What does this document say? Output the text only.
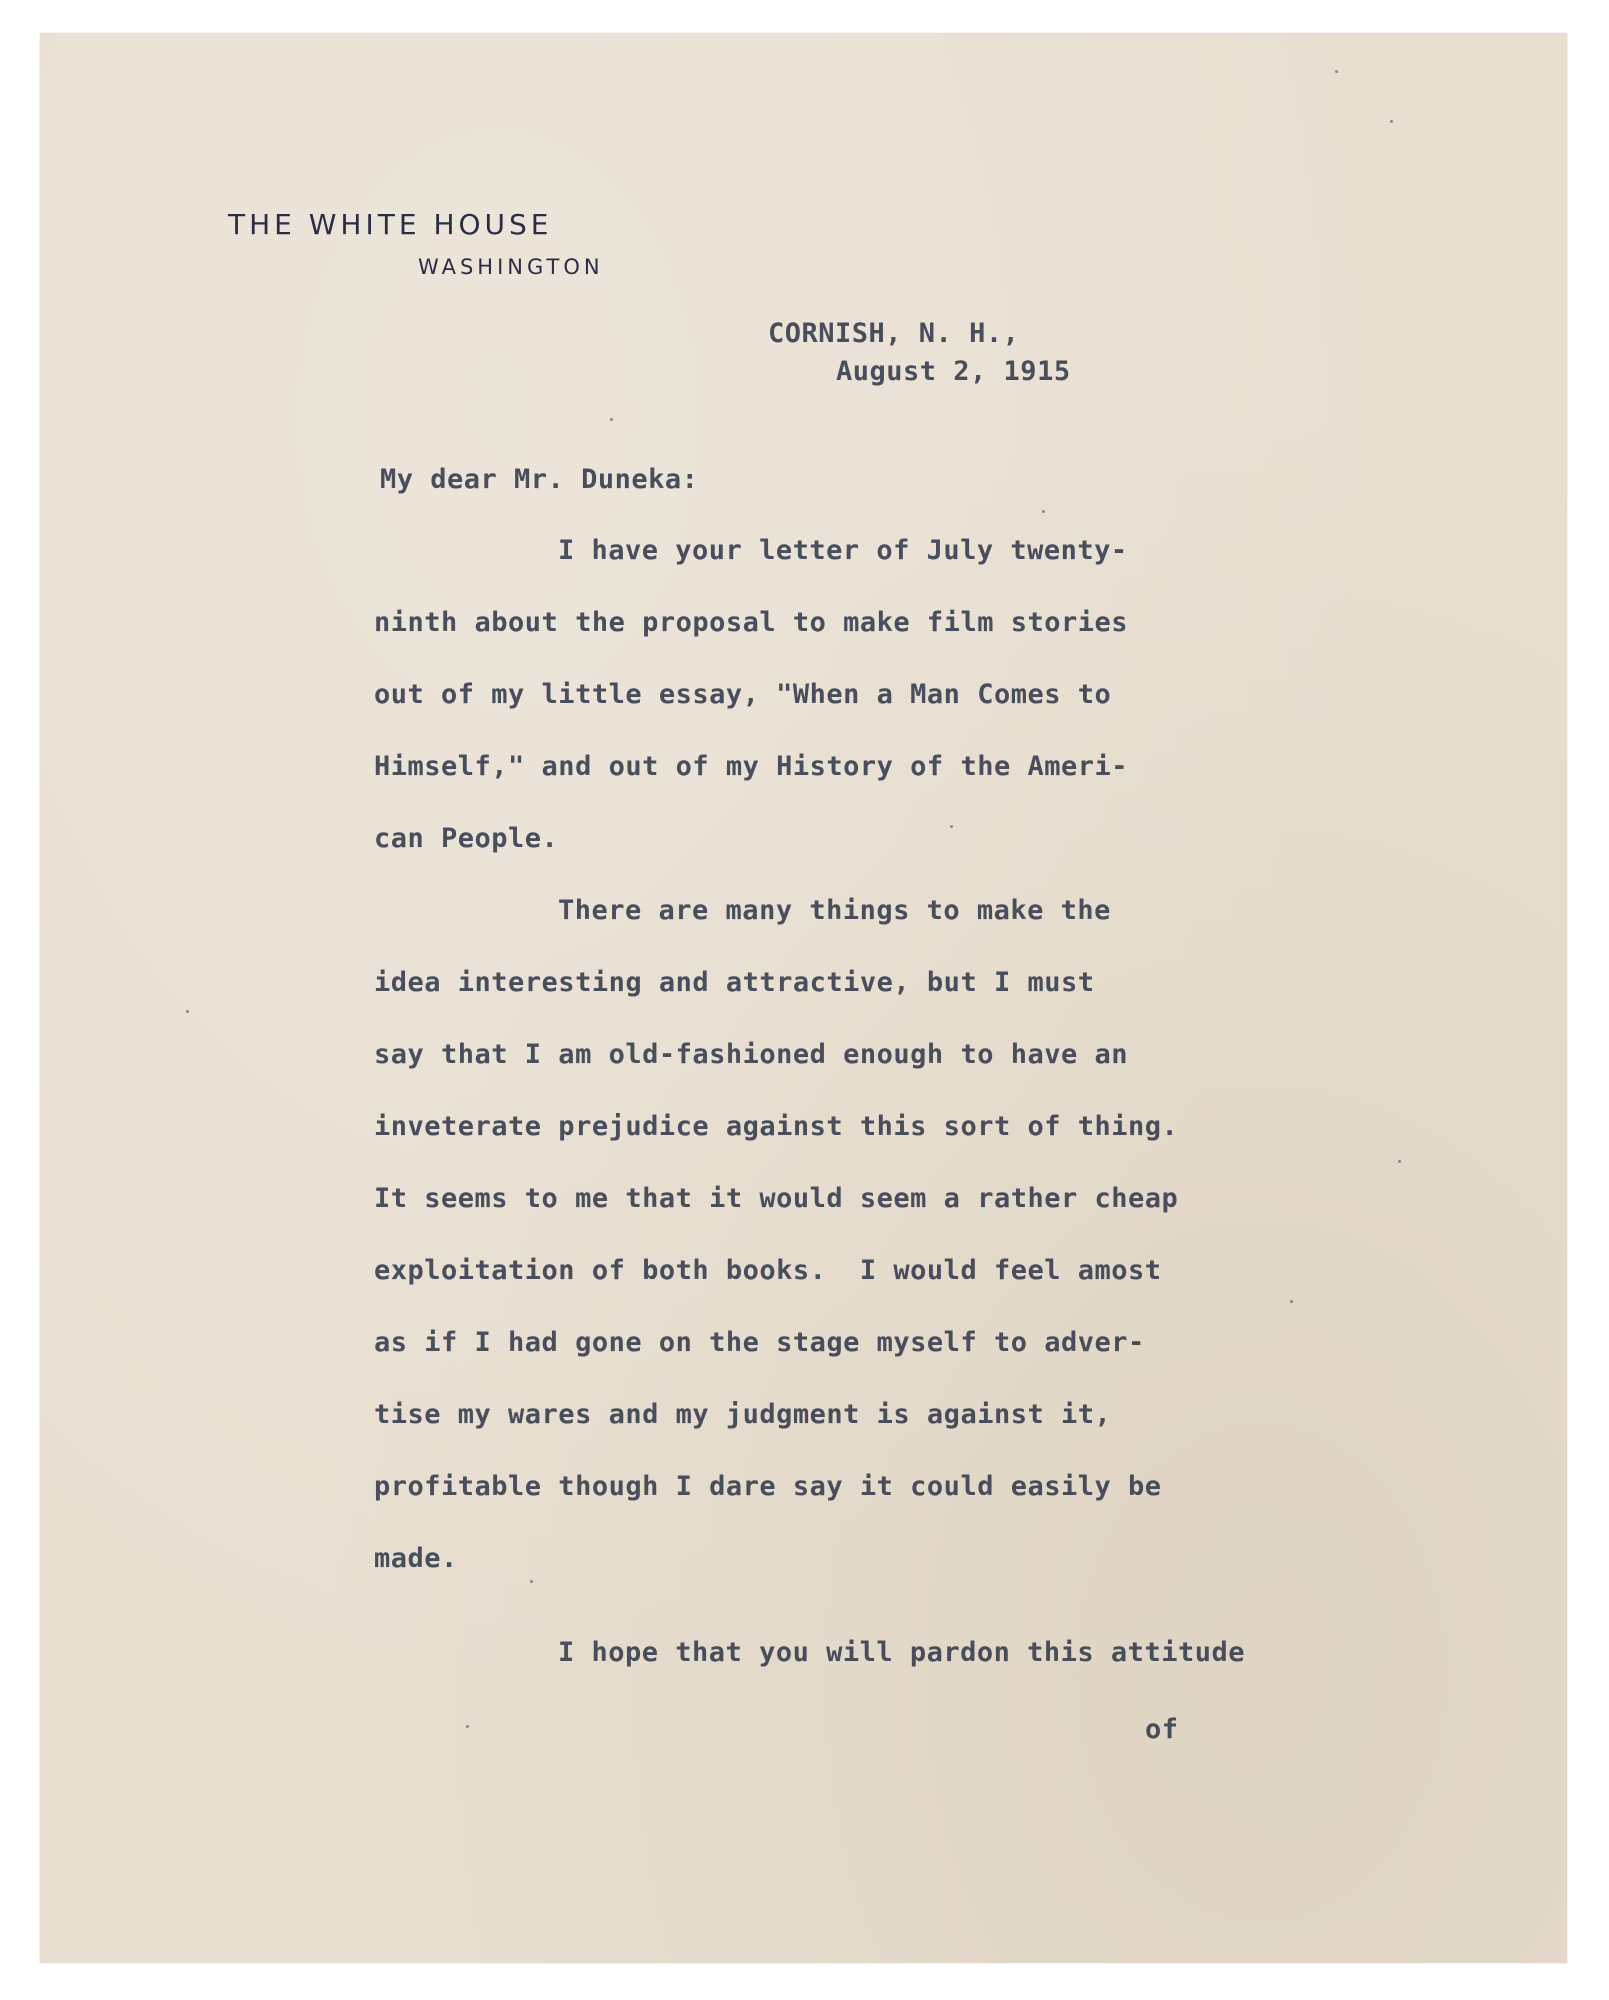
THE WHITE HOUSE
WASHINGTON
CORNISH, N. H.,
August 2, 1915
My dear Mr. Duneka:
I have your letter of July twenty-
ninth about the proposal to make film stories
out of my little essay, "When a Man Comes to
Himself," and out of my History of the Ameri-
can People.
There are many things to make the
idea interesting and attractive, but I must
say that I am old-fashioned enough to have an
inveterate prejudice against this sort of thing.
It seems to me that it would seem a rather cheap
exploitation of both books.  I would feel amost
as if I had gone on the stage myself to adver-
tise my wares and my judgment is against it,
profitable though I dare say it could easily be
made.
I hope that you will pardon this attitude
of
